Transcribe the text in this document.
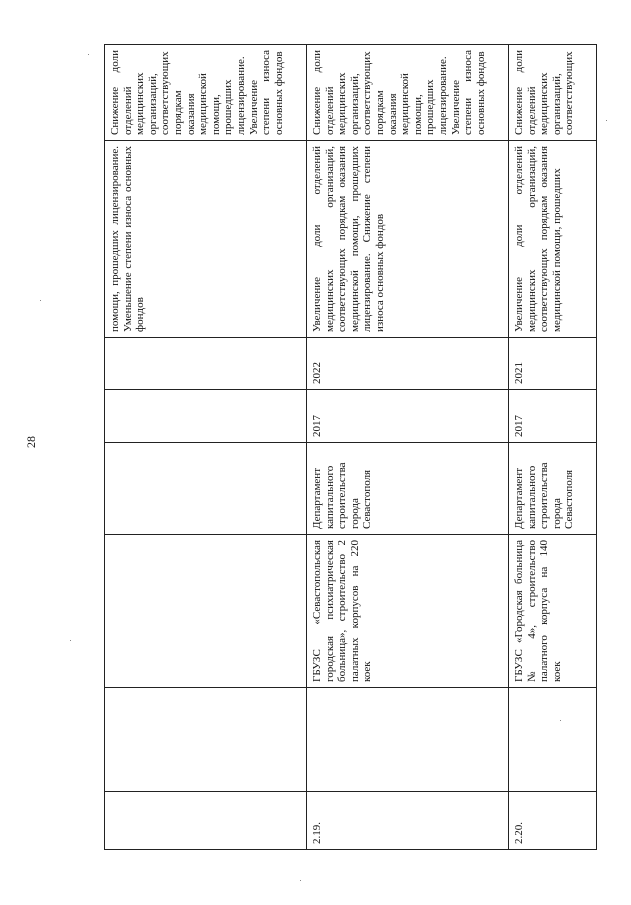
28
						помощи, прошедших лицензирование. Уменьшение степени износа основных фондов	Снижение доли отделений медицинских организаций, соответствующих порядкам оказания медицинской помощи, прошедших лицензирование. Увеличение степени износа основных фондов
2.19.		ГБУЗС «Севастопольская городская психиатрическая больница», строительство 2 палатных корпусов на 220 коек	Департамент капитального строительства города Севастополя	2017	2022	Увеличение доли отделений медицинских организаций, соответствующих порядкам оказания медицинской помощи, прошедших лицензирование. Снижение степени износа основных фондов	Снижение доли отделений медицинских организаций, соответствующих порядкам оказания медицинской помощи, прошедших лицензирование. Увеличение степени износа основных фондов
2.20.		ГБУЗС «Городская больница № 4», строительство палатного корпуса на 140 коек	Департамент капитального строительства города Севастополя	2017	2021	Увеличение доли отделений медицинских организаций, соответствующих порядкам оказания медицинской помощи, прошедших	Снижение доли отделений медицинских организаций, соответствующих
